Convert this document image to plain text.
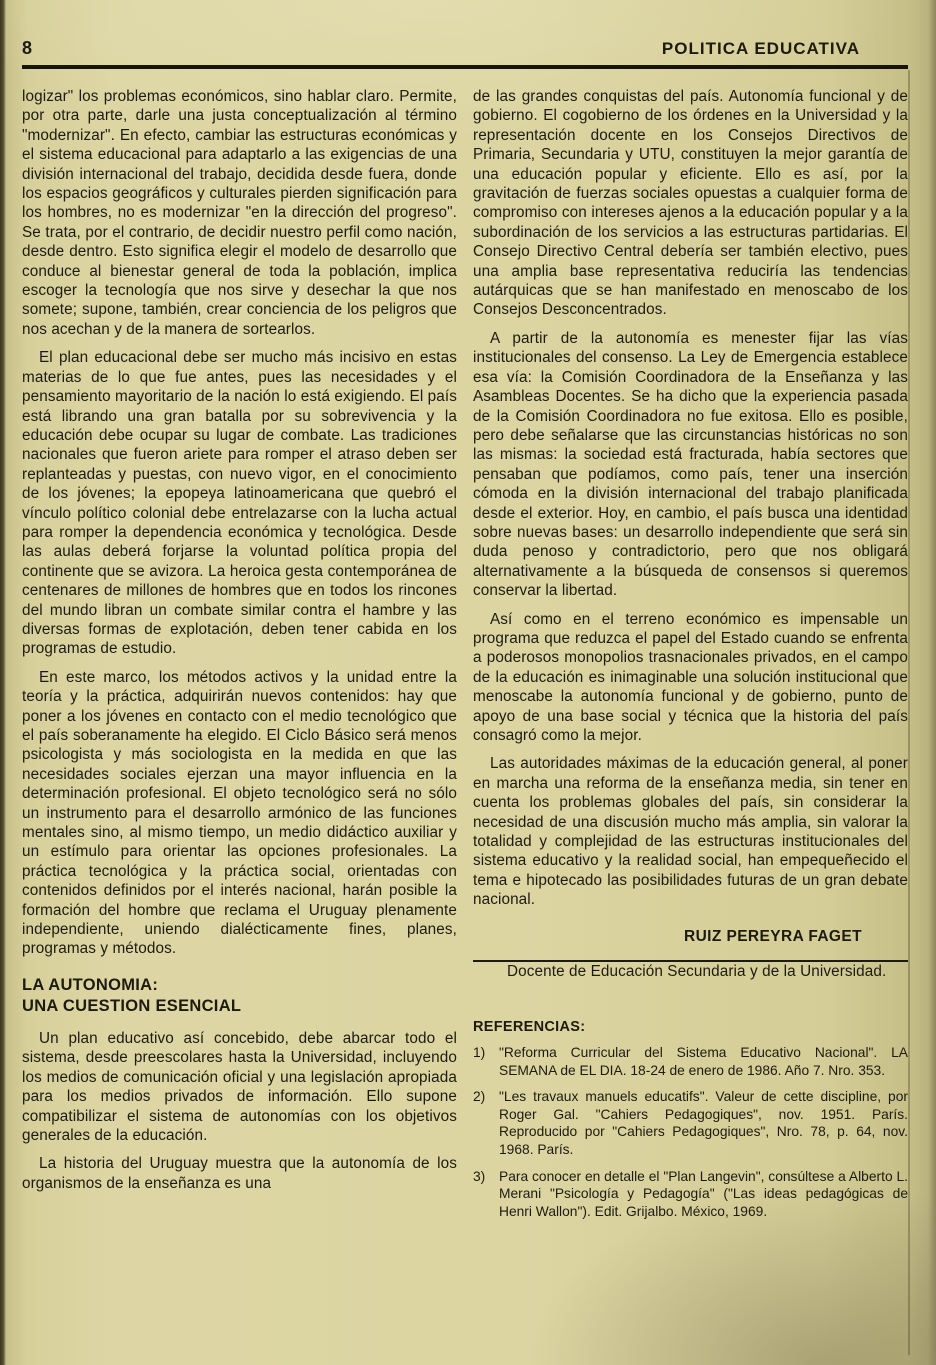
8	POLITICA EDUCATIVA

logizar" los problemas económicos, sino hablar claro. Permite, por otra parte, darle una justa conceptualización al término "modernizar". En efecto, cambiar las estructuras económicas y el sistema educacional para adaptarlo a las exigencias de una división internacional del trabajo, decidida desde fuera, donde los espacios geográficos y culturales pierden significación para los hombres, no es modernizar "en la dirección del progreso". Se trata, por el contrario, de decidir nuestro perfil como nación, desde dentro. Esto significa elegir el modelo de desarrollo que conduce al bienestar general de toda la población, implica escoger la tecnología que nos sirve y desechar la que nos somete; supone, también, crear conciencia de los peligros que nos acechan y de la manera de sortearlos.

El plan educacional debe ser mucho más incisivo en estas materias de lo que fue antes, pues las necesidades y el pensamiento mayoritario de la nación lo está exigiendo. El país está librando una gran batalla por su sobrevivencia y la educación debe ocupar su lugar de combate. Las tradiciones nacionales que fueron ariete para romper el atraso deben ser replanteadas y puestas, con nuevo vigor, en el conocimiento de los jóvenes; la epopeya latinoamericana que quebró el vínculo político colonial debe entrelazarse con la lucha actual para romper la dependencia económica y tecnológica. Desde las aulas deberá forjarse la voluntad política propia del continente que se avizora. La heroica gesta contemporánea de centenares de millones de hombres que en todos los rincones del mundo libran un combate similar contra el hambre y las diversas formas de explotación, deben tener cabida en los programas de estudio.

En este marco, los métodos activos y la unidad entre la teoría y la práctica, adquirirán nuevos contenidos: hay que poner a los jóvenes en contacto con el medio tecnológico que el país soberanamente ha elegido. El Ciclo Básico será menos psicologista y más sociologista en la medida en que las necesidades sociales ejerzan una mayor influencia en la determinación profesional. El objeto tecnológico será no sólo un instrumento para el desarrollo armónico de las funciones mentales sino, al mismo tiempo, un medio didáctico auxiliar y un estímulo para orientar las opciones profesionales. La práctica tecnológica y la práctica social, orientadas con contenidos definidos por el interés nacional, harán posible la formación del hombre que reclama el Uruguay plenamente independiente, uniendo dialécticamente fines, planes, programas y métodos.

LA AUTONOMIA:
UNA CUESTION ESENCIAL

Un plan educativo así concebido, debe abarcar todo el sistema, desde preescolares hasta la Universidad, incluyendo los medios de comunicación oficial y una legislación apropiada para los medios privados de información. Ello supone compatibilizar el sistema de autonomías con los objetivos generales de la educación.

La historia del Uruguay muestra que la autonomía de los organismos de la enseñanza es una

de las grandes conquistas del país. Autonomía funcional y de gobierno. El cogobierno de los órdenes en la Universidad y la representación docente en los Consejos Directivos de Primaria, Secundaria y UTU, constituyen la mejor garantía de una educación popular y eficiente. Ello es así, por la gravitación de fuerzas sociales opuestas a cualquier forma de compromiso con intereses ajenos a la educación popular y a la subordinación de los servicios a las estructuras partidarias. El Consejo Directivo Central debería ser también electivo, pues una amplia base representativa reduciría las tendencias autárquicas que se han manifestado en menoscabo de los Consejos Desconcentrados.

A partir de la autonomía es menester fijar las vías institucionales del consenso. La Ley de Emergencia establece esa vía: la Comisión Coordinadora de la Enseñanza y las Asambleas Docentes. Se ha dicho que la experiencia pasada de la Comisión Coordinadora no fue exitosa. Ello es posible, pero debe señalarse que las circunstancias históricas no son las mismas: la sociedad está fracturada, había sectores que pensaban que podíamos, como país, tener una inserción cómoda en la división internacional del trabajo planificada desde el exterior. Hoy, en cambio, el país busca una identidad sobre nuevas bases: un desarrollo independiente que será sin duda penoso y contradictorio, pero que nos obligará alternativamente a la búsqueda de consensos si queremos conservar la libertad.

Así como en el terreno económico es impensable un programa que reduzca el papel del Estado cuando se enfrenta a poderosos monopolios trasnacionales privados, en el campo de la educación es inimaginable una solución institucional que menoscabe la autonomía funcional y de gobierno, punto de apoyo de una base social y técnica que la historia del país consagró como la mejor.

Las autoridades máximas de la educación general, al poner en marcha una reforma de la enseñanza media, sin tener en cuenta los problemas globales del país, sin considerar la necesidad de una discusión mucho más amplia, sin valorar la totalidad y complejidad de las estructuras institucionales del sistema educativo y la realidad social, han empequeñecido el tema e hipotecado las posibilidades futuras de un gran debate nacional.

RUIZ PEREYRA FAGET

Docente de Educación Secundaria y de la Universidad.

REFERENCIAS:
1) "Reforma Curricular del Sistema Educativo Nacional". LA SEMANA de EL DIA. 18-24 de enero de 1986. Año 7. Nro. 353.
2) "Les travaux manuels educatifs". Valeur de cette discipline, por Roger Gal. "Cahiers Pedagogiques", nov. 1951. París. Reproducido por "Cahiers Pedagogiques", Nro. 78, p. 64, nov. 1968. París.
3) Para conocer en detalle el "Plan Langevin", consúltese a Alberto L. Merani "Psicología y Pedagogía" ("Las ideas pedagógicas de Henri Wallon"). Edit. Grijalbo. México, 1969.
